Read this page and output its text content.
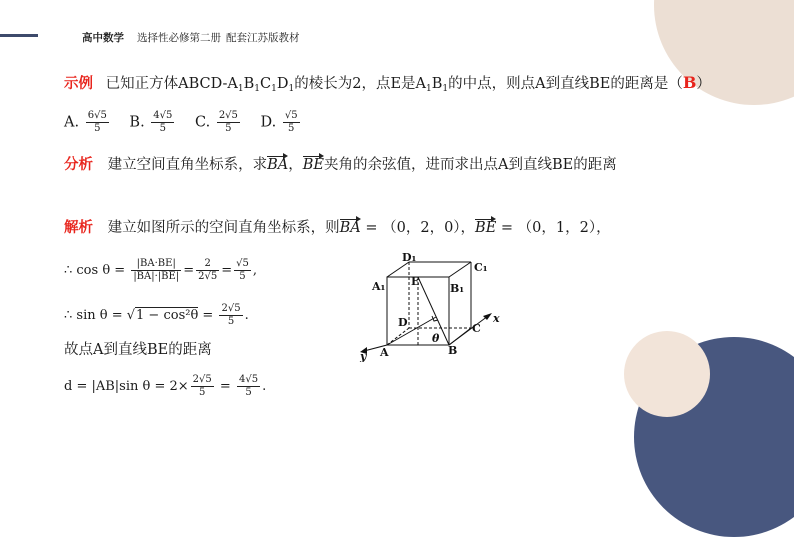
高中数学 选择性必修第二册 配套江苏版教材
示例 已知正方体ABCD-$A_1B_1C_1D_1$的棱长为2，点E是$A_1B_1$的中点，则点A到直线BE的距离是（B）
A. $\frac{6√5}{5} B$. $\frac{4√5}{5} C$. $\frac{2√5}{5} D$. $\frac{√5}{5}$
分析 建立空间直角坐标系，求BA，BE夹角的余弦值，进而求出点A到直线BE的距离
解析 建立如图所示的空间直角坐标系，则BA = （0，2，0），BE = （0，1，2），
∴ $\cos \theta = \frac{|BA\cdot BE|}{|BA|\cdot|BE|} = \frac{2}{2√5} = \frac{√5}{5}$ ,
∴ $\sin \theta = √1 - \cos^2\theta = \frac{2√5}{5}$ .
故点A到直线BE的距离
d = |AB|sin $\theta = 2\times \frac{2√5}{5} = \frac{4√5}{5}$ .
D₁
C₁
A₁ E
B₁
D	C
A	B
θ
x
y
